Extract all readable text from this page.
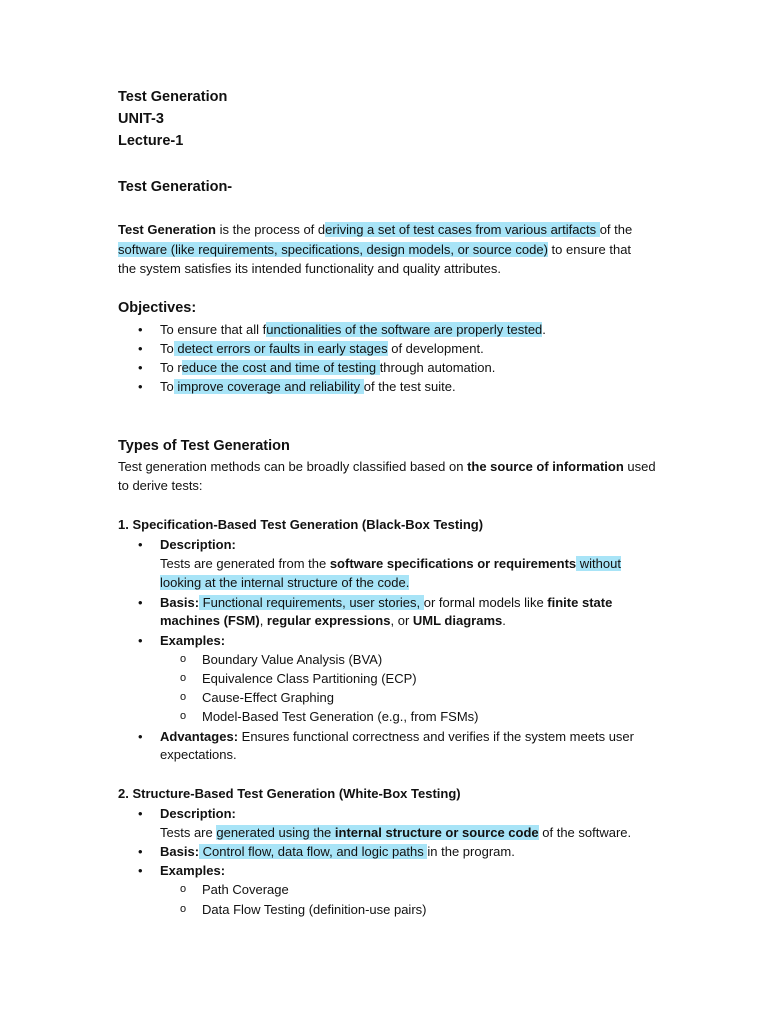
Test Generation
UNIT-3
Lecture-1
Test Generation-
Test Generation is the process of deriving a set of test cases from various artifacts of the
software (like requirements, specifications, design models, or source code) to ensure that
the system satisfies its intended functionality and quality attributes.
Objectives:
• To ensure that all functionalities of the software are properly tested.
• To detect errors or faults in early stages of development.
• To reduce the cost and time of testing through automation.
• To improve coverage and reliability of the test suite.
Types of Test Generation
Test generation methods can be broadly classified based on the source of information used
to derive tests:
1. Specification-Based Test Generation (Black-Box Testing)
• Description:
Tests are generated from the software specifications or requirements without
looking at the internal structure of the code.
• Basis: Functional requirements, user stories, or formal models like finite state
machines (FSM), regular expressions, or UML diagrams.
• Examples:
o Boundary Value Analysis (BVA)
o Equivalence Class Partitioning (ECP)
o Cause-Effect Graphing
o Model-Based Test Generation (e.g., from FSMs)
• Advantages: Ensures functional correctness and verifies if the system meets user
expectations.
2. Structure-Based Test Generation (White-Box Testing)
• Description:
Tests are generated using the internal structure or source code of the software.
• Basis: Control flow, data flow, and logic paths in the program.
• Examples:
o Path Coverage
o Data Flow Testing (definition-use pairs)
